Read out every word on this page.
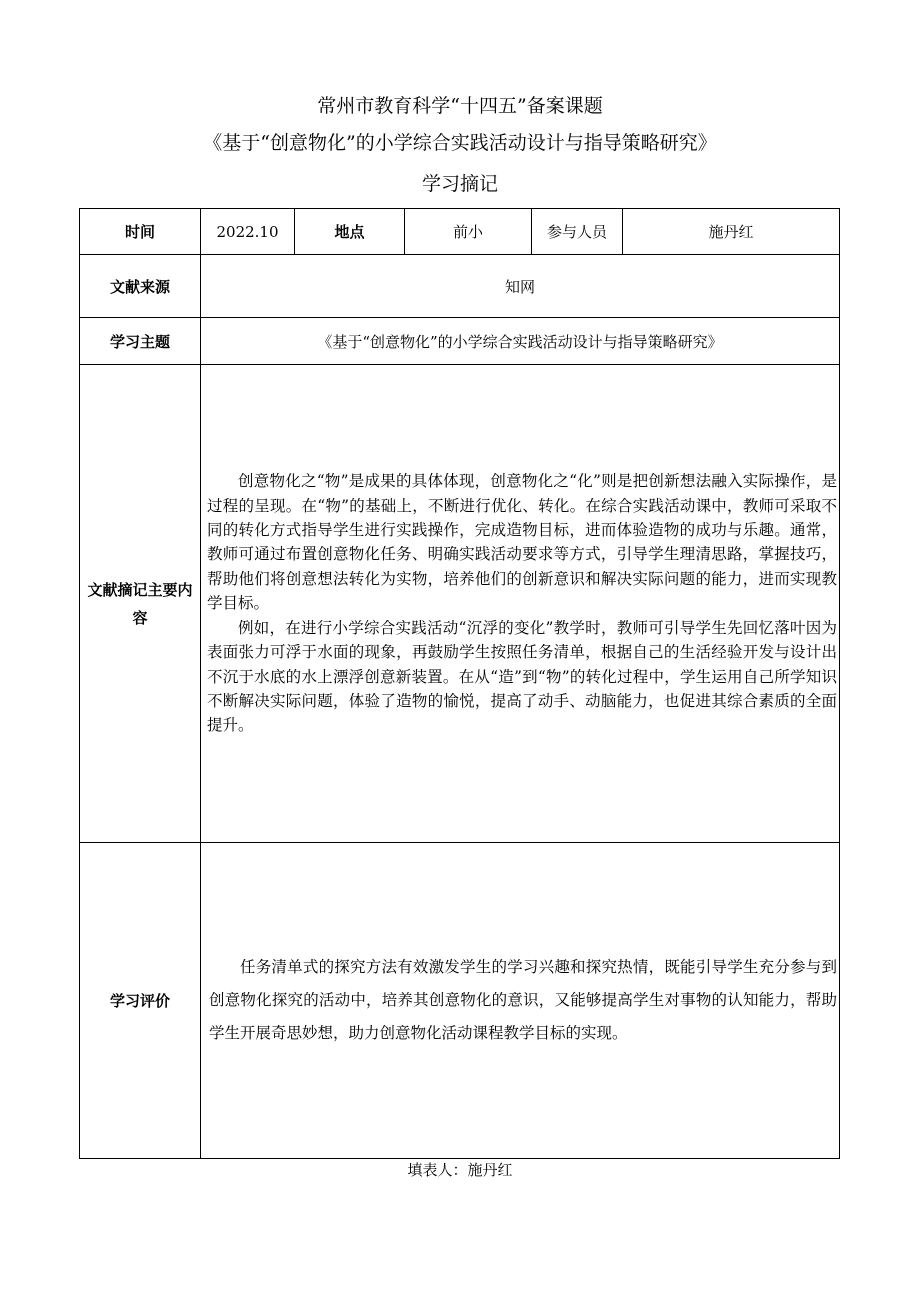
常州市教育科学“十四五”备案课题
《基于“创意物化”的小学综合实践活动设计与指导策略研究》
学习摘记
时间	2022.10	地点	前小	参与人员	施丹红
文献来源	知网				
学习主题	《基于“创意物化”的小学综合实践活动设计与指导策略研究》				
文献摘记主要内容	创意物化之“物”是成果的具体体现，创意物化之“化”则是把创新想法融入实际操作，是过程的呈现。在“物”的基础上，不断进行优化、转化。在综合实践活动课中，教师可采取不同的转化方式指导学生进行实践操作，完成造物目标，进而体验造物的成功与乐趣。通常，教师可通过布置创意物化任务、明确实践活动要求等方式，引导学生理清思路，掌握技巧，帮助他们将创意想法转化为实物，培养他们的创新意识和解决实际问题的能力，进而实现教学目标。

例如，在进行小学综合实践活动“沉浮的变化”教学时，教师可引导学生先回忆落叶因为表面张力可浮于水面的现象，再鼓励学生按照任务清单，根据自己的生活经验开发与设计出不沉于水底的水上漂浮创意新装置。在从“造”到“物”的转化过程中，学生运用自己所学知识不断解决实际问题，体验了造物的愉悦，提高了动手、动脑能力，也促进其综合素质的全面提升。				

学习评价	任务清单式的探究方法有效激发学生的学习兴趣和探究热情，既能引导学生充分参与到创意物化探究的活动中，培养其创意物化的意识，又能够提高学生对事物的认知能力，帮助学生开展奇思妙想，助力创意物化活动课程教学目标的实现。				

填表人：施丹红
